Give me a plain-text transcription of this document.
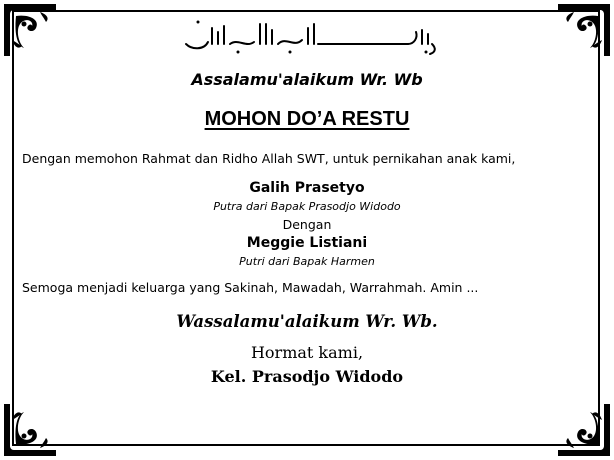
Assalamu'alaikum Wr. Wb
MOHON DO’A RESTU
Dengan memohon Rahmat dan Ridho Allah SWT, untuk pernikahan anak kami,
Galih Prasetyo
Putra dari Bapak Prasodjo Widodo
Dengan
Meggie Listiani
Putri dari Bapak Harmen
Semoga menjadi keluarga yang Sakinah, Mawadah, Warrahmah. Amin ...
Wassalamu'alaikum Wr. Wb.
Hormat kami,
Kel. Prasodjo Widodo
